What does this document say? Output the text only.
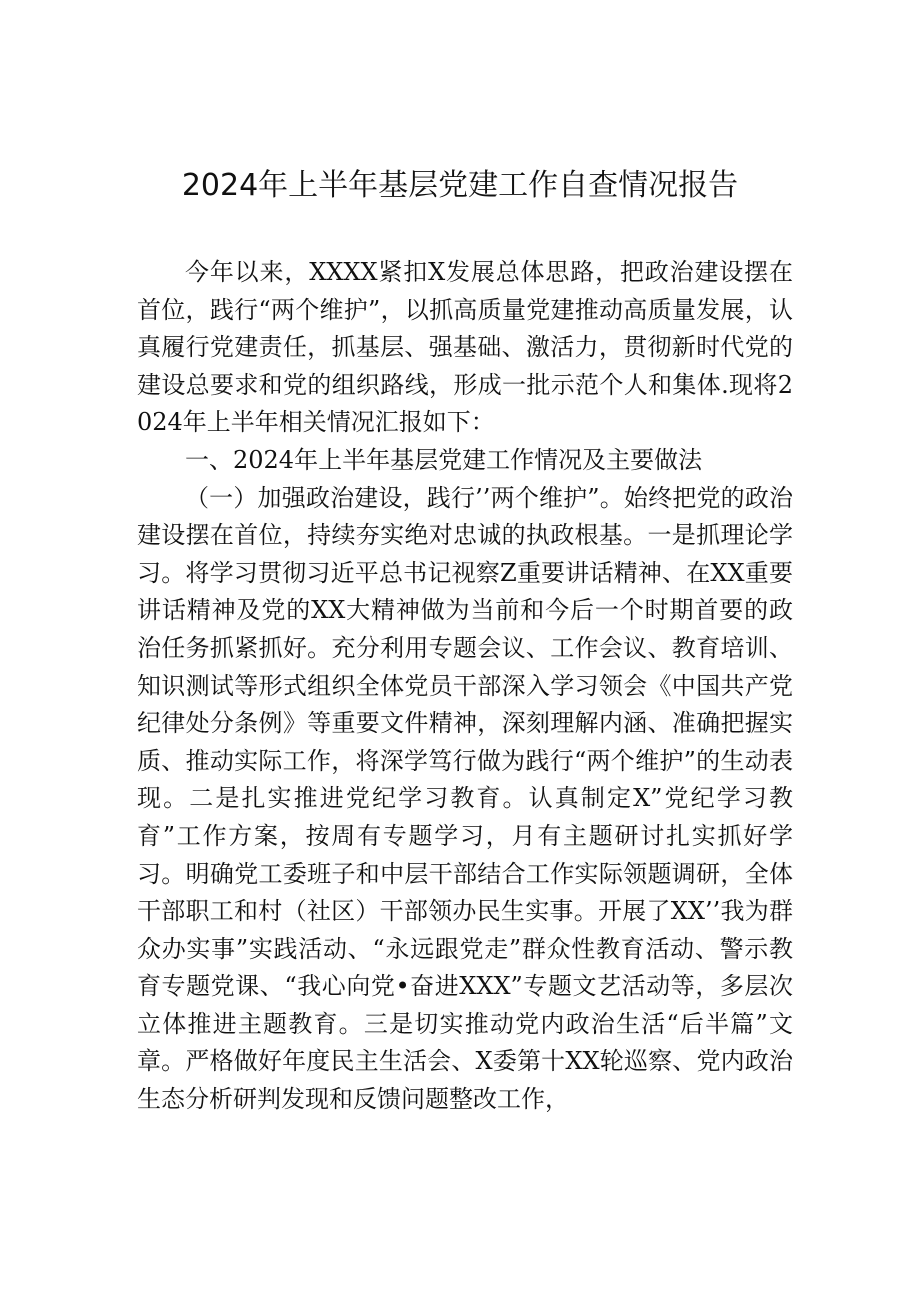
2024年上半年基层党建工作自查情况报告

今年以来，XXXX紧扣X发展总体思路，把政治建设摆在首位，践行“两个维护”，以抓高质量党建推动高质量发展，认真履行党建责任，抓基层、强基础、激活力，贯彻新时代党的建设总要求和党的组织路线，形成一批示范个人和集体.现将2024年上半年相关情况汇报如下：

一、2024年上半年基层党建工作情况及主要做法

（一）加强政治建设，践行’’两个维护”。始终把党的政治建设摆在首位，持续夯实绝对忠诚的执政根基。一是抓理论学习。将学习贯彻习近平总书记视察Z重要讲话精神、在XX重要讲话精神及党的XX大精神做为当前和今后一个时期首要的政治任务抓紧抓好。充分利用专题会议、工作会议、教育培训、知识测试等形式组织全体党员干部深入学习领会《中国共产党纪律处分条例》等重要文件精神，深刻理解内涵、准确把握实质、推动实际工作，将深学笃行做为践行“两个维护”的生动表现。二是扎实推进党纪学习教育。认真制定X”党纪学习教育”工作方案，按周有专题学习，月有主题研讨扎实抓好学习。明确党工委班子和中层干部结合工作实际领题调研，全体干部职工和村（社区）干部领办民生实事。开展了XX’’我为群众办实事”实践活动、“永远跟党走”群众性教育活动、警示教育专题党课、“我心向党•奋进XXX”专题文艺活动等，多层次立体推进主题教育。三是切实推动党内政治生活“后半篇”文章。严格做好年度民主生活会、X委第十XX轮巡察、党内政治生态分析研判发现和反馈问题整改工作，
